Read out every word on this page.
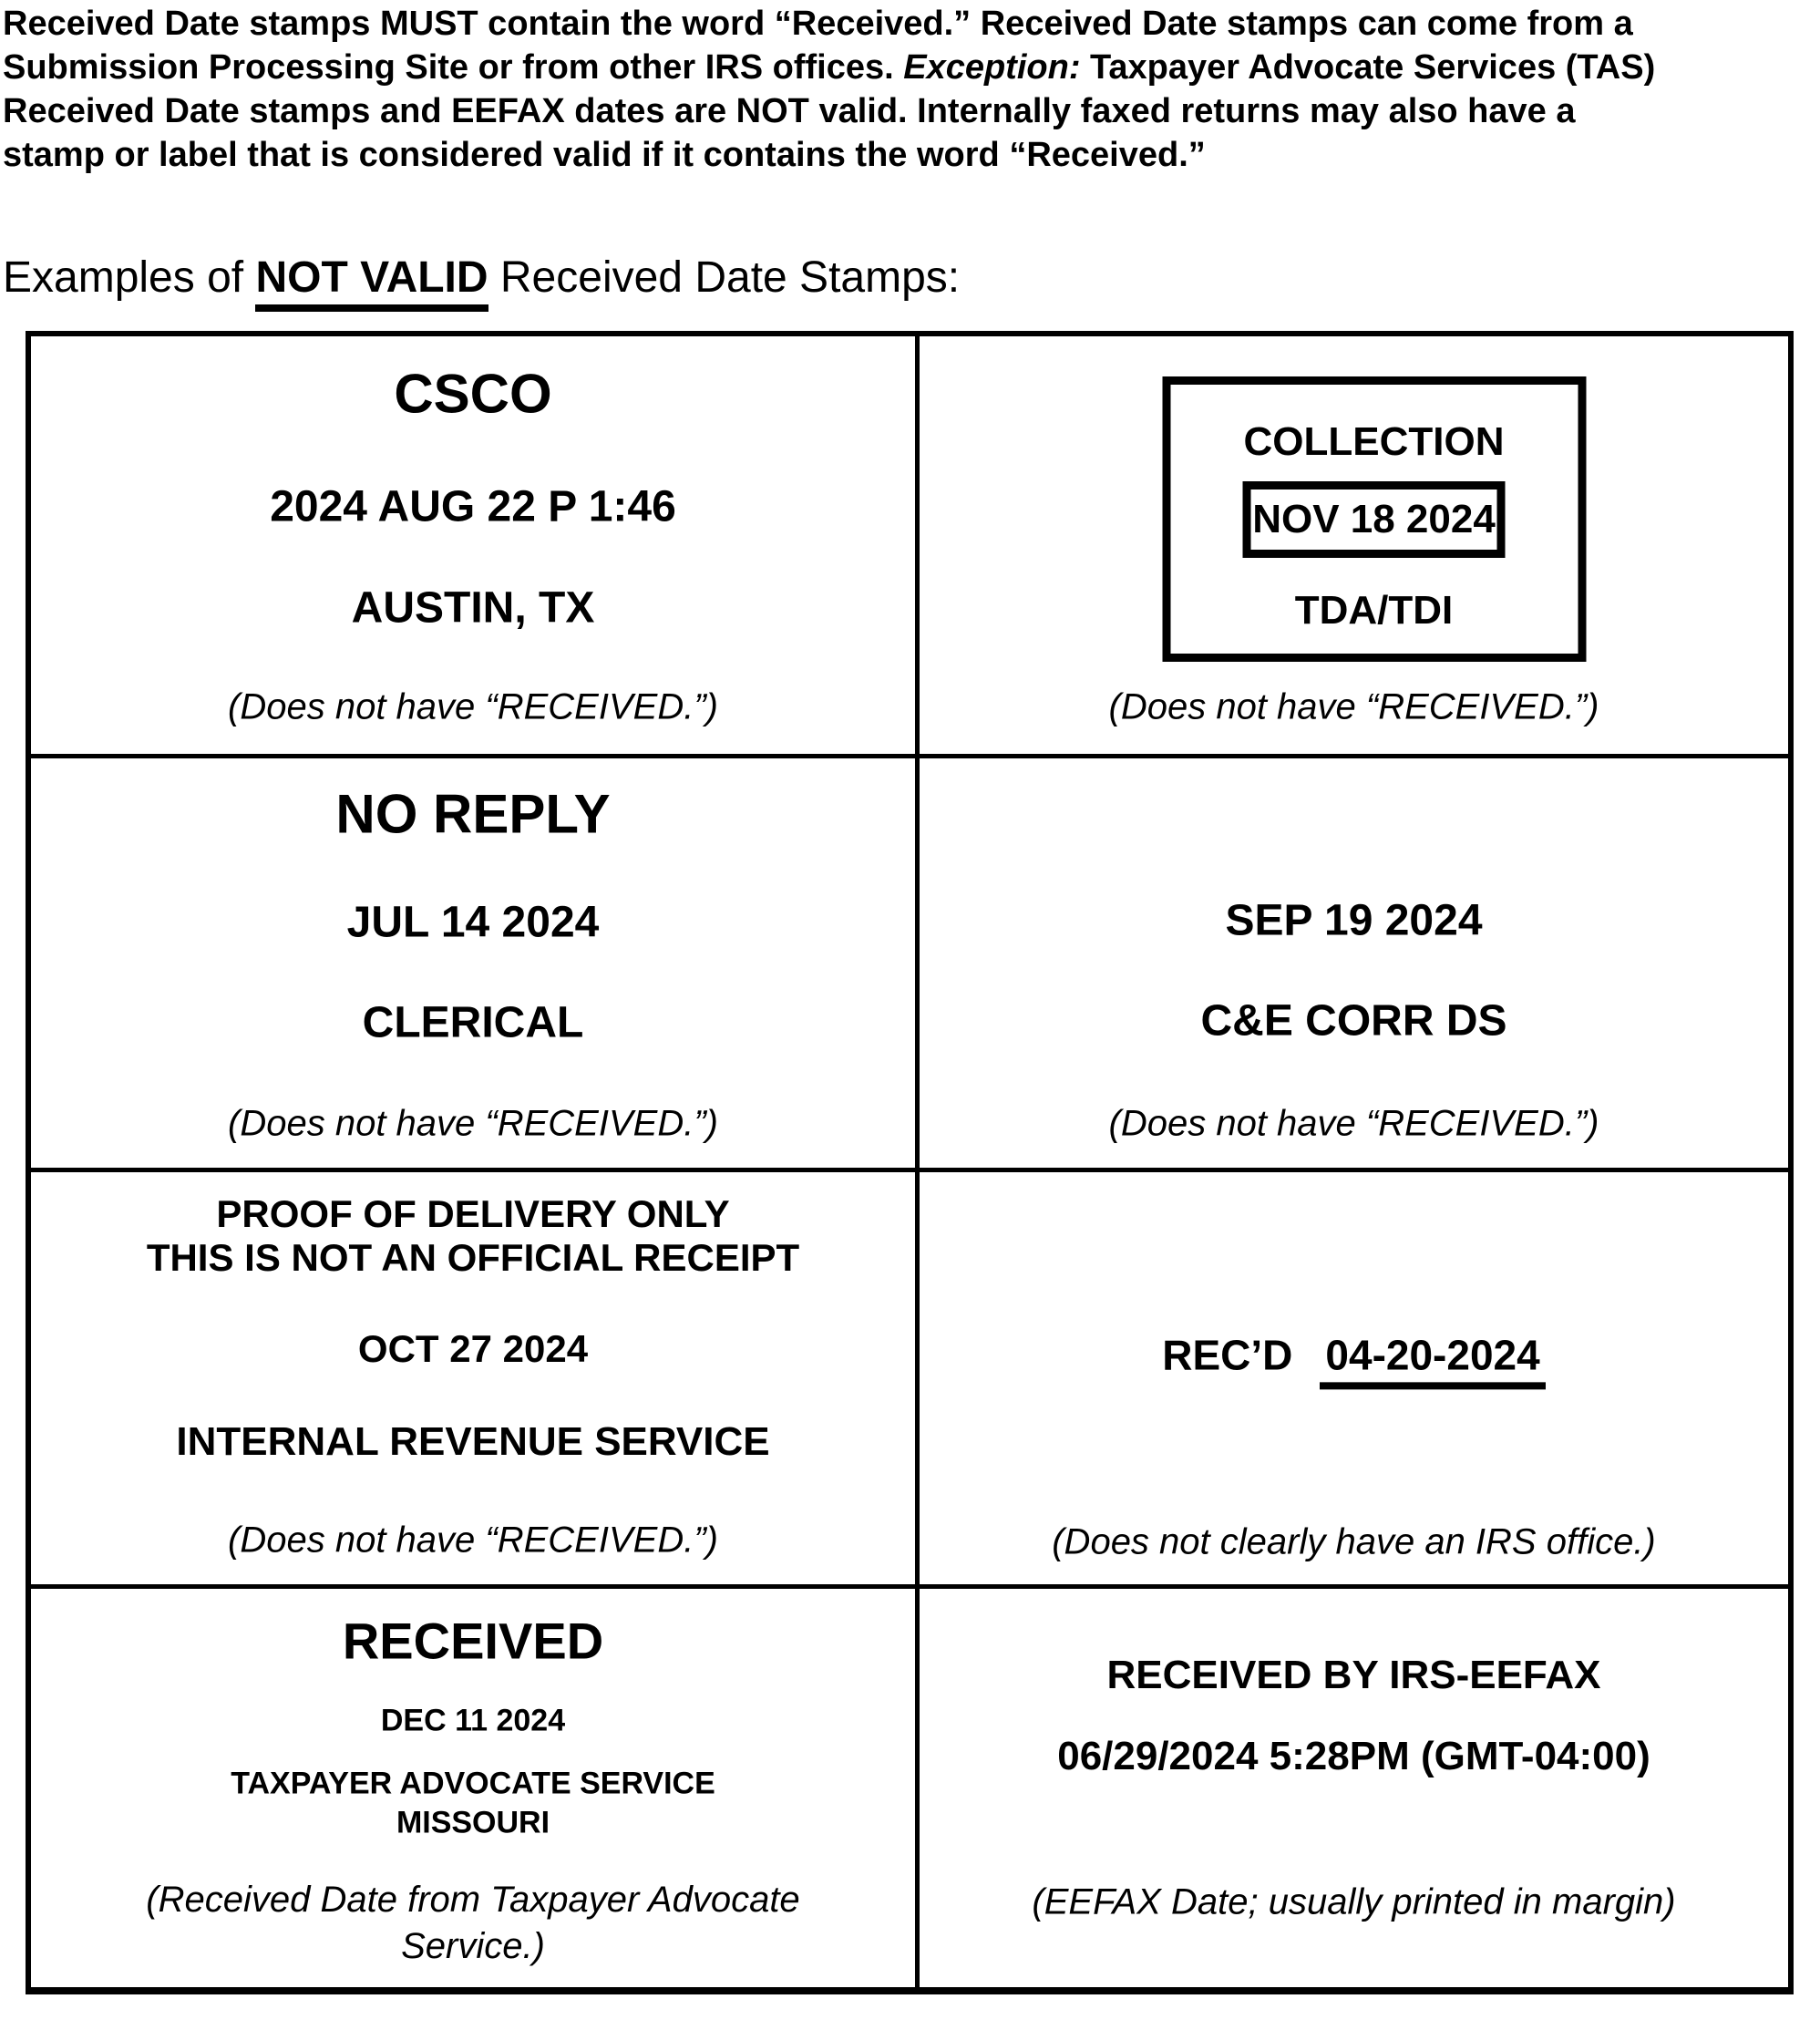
Received Date stamps MUST contain the word “Received.” Received Date stamps can come from a
Submission Processing Site or from other IRS offices. Exception: Taxpayer Advocate Services (TAS)
Received Date stamps and EEFAX dates are NOT valid. Internally faxed returns may also have a
stamp or label that is considered valid if it contains the word “Received.”
Examples of NOT VALID Received Date Stamps:
CSCO
2024 AUG 22 P 1:46
AUSTIN, TX
(Does not have “RECEIVED.”)
COLLECTION
NOV 18 2024
TDA/TDI
(Does not have “RECEIVED.”)
NO REPLY
JUL 14 2024
CLERICAL
(Does not have “RECEIVED.”)
SEP 19 2024
C&E CORR DS
(Does not have “RECEIVED.”)
PROOF OF DELIVERY ONLY
THIS IS NOT AN OFFICIAL RECEIPT
OCT 27 2024
INTERNAL REVENUE SERVICE
(Does not have “RECEIVED.”)
REC’D 04-20-2024
(Does not clearly have an IRS office.)
RECEIVED
DEC 11 2024
TAXPAYER ADVOCATE SERVICE
MISSOURI
(Received Date from Taxpayer Advocate Service.)
RECEIVED BY IRS-EEFAX
06/29/2024 5:28PM (GMT-04:00)
(EEFAX Date; usually printed in margin)
